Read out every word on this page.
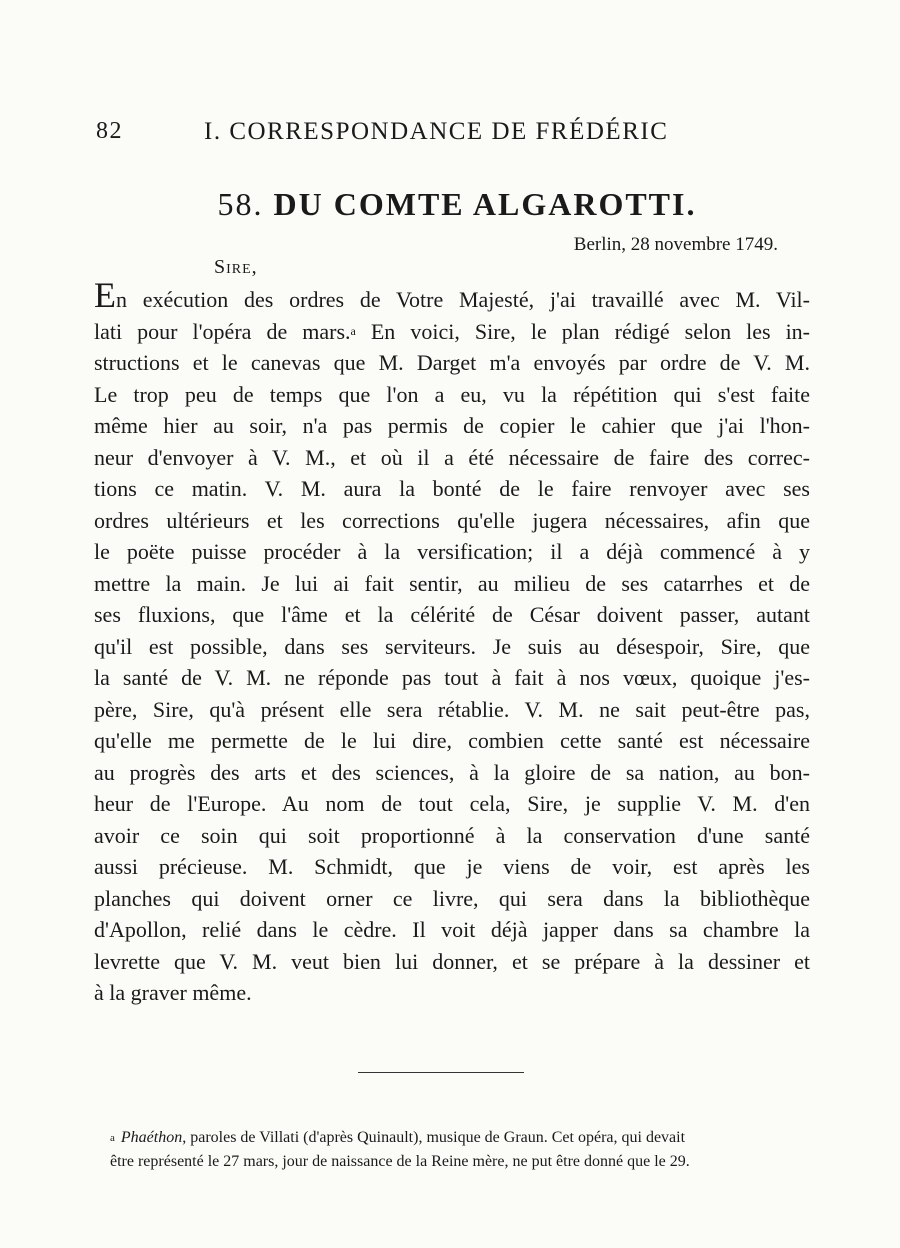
82	I. CORRESPONDANCE DE FRÉDÉRIC
58. DU COMTE ALGAROTTI.
Berlin, 28 novembre 1749.
Sire,
En exécution des ordres de Votre Majesté, j'ai travaillé avec M. Vil-
lati pour l'opéra de mars.$^a$ En voici, Sire, le plan rédigé selon les in-
structions et le canevas que M. Darget m'a envoyés par ordre de V. M.
Le trop peu de temps que l'on a eu, vu la répétition qui s'est faite
même hier au soir, n'a pas permis de copier le cahier que j'ai l'hon-
neur d'envoyer à V. M., et où il a été nécessaire de faire des correc-
tions ce matin. V. M. aura la bonté de le faire renvoyer avec ses
ordres ultérieurs et les corrections qu'elle jugera nécessaires, afin que
le poëte puisse procéder à la versification; il a déjà commencé à y
mettre la main. Je lui ai fait sentir, au milieu de ses catarrhes et de
ses fluxions, que l'âme et la célérité de César doivent passer, autant
qu'il est possible, dans ses serviteurs. Je suis au désespoir, Sire, que
la santé de V. M. ne réponde pas tout à fait à nos vœux, quoique j'es-
père, Sire, qu'à présent elle sera rétablie. V. M. ne sait peut-être pas,
qu'elle me permette de le lui dire, combien cette santé est nécessaire
au progrès des arts et des sciences, à la gloire de sa nation, au bon-
heur de l'Europe. Au nom de tout cela, Sire, je supplie V. M. d'en
avoir ce soin qui soit proportionné à la conservation d'une santé
aussi précieuse. M. Schmidt, que je viens de voir, est après les
planches qui doivent orner ce livre, qui sera dans la bibliothèque
d'Apollon, relié dans le cèdre. Il voit déjà japper dans sa chambre la
levrette que V. M. veut bien lui donner, et se prépare à la dessiner et
à la graver même.
$^a$ Phaéthon, paroles de Villati (d'après Quinault), musique de Graun. Cet opéra, qui devait
être représenté le 27 mars, jour de naissance de la Reine mère, ne put être donné que le 29.
